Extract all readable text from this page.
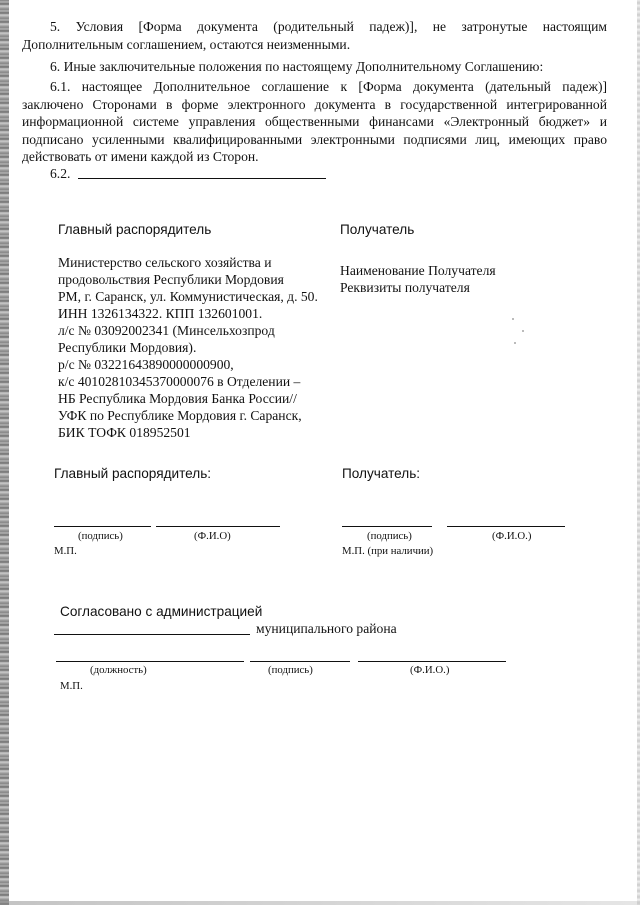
5. Условия [Форма документа (родительный падеж)], не затронутые настоящим Дополнительным соглашением, остаются неизменными.
6. Иные заключительные положения по настоящему Дополнительному Соглашению:
6.1. настоящее Дополнительное соглашение к [Форма документа (дательный падеж)] заключено Сторонами в форме электронного документа в государственной интегрированной информационной системе управления общественными финансами «Электронный бюджет» и подписано усиленными квалифицированными электронными подписями лиц, имеющих право действовать от имени каждой из Сторон.
6.2.
Главный распорядитель	Получатель
Министерство сельского хозяйства и
продовольствия Республики Мордовия
РМ, г. Саранск, ул. Коммунистическая, д. 50.
ИНН 1326134322. КПП 132601001.
л/с № 03092002341 (Минсельхозпрод
Республики Мордовия).
р/с № 03221643890000000900,
к/с 40102810345370000076 в Отделении –
НБ Республика Мордовия Банка России//
УФК по Республике Мордовия г. Саранск,
БИК ТОФК 018952501
Наименование Получателя
Реквизиты получателя
Главный распорядитель:	Получатель:
(подпись)	(Ф.И.О)	(подпись)	(Ф.И.О.)
М.П.	М.П. (при наличии)
Согласовано с администрацией
муниципального района
(должность)	(подпись)	(Ф.И.О.)
М.П.
